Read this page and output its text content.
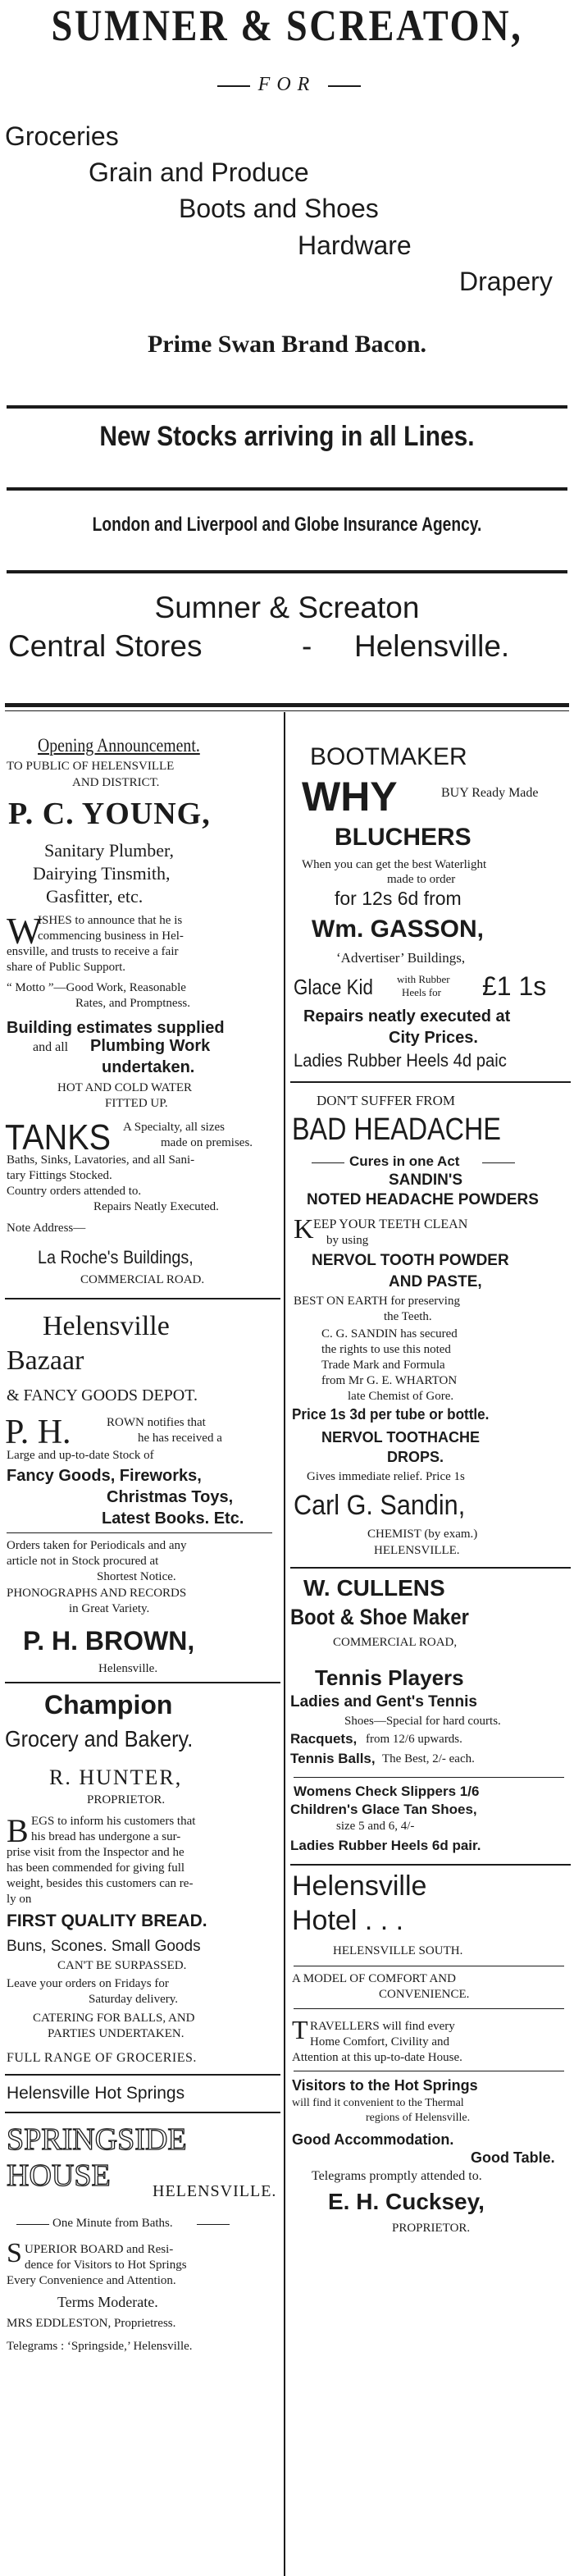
SUMNER & SCREATON,
FOR
Groceries
Grain and Produce
Boots and Shoes
Hardware
Drapery
Prime Swan Brand Bacon.
New Stocks arriving in all Lines.
London and Liverpool and Globe Insurance Agency.
Sumner & Screaton
Central Stores	- Helensville.
Opening Announcement.
TO PUBLIC OF HELENSVILLE
AND DISTRICT.
P. C. YOUNG,
Sanitary Plumber,
Dairying Tinsmith,
Gasfitter, etc.
W
ISHES to announce that he is
commencing business in Hel-
ensville, and trusts to receive a fair
share of Public Support.
“ Motto ”—Good Work, Reasonable
Rates, and Promptness.
Building estimates supplied
and all Plumbing Work
undertaken.
HOT AND COLD WATER
FITTED UP.
TANKS A Specialty, all sizes
made on premises.
Baths, Sinks, Lavatories, and all Sani-
tary Fittings Stocked.
Country orders attended to.
Repairs Neatly Executed.
Note Address—
La Roche's Buildings,
COMMERCIAL ROAD.
Helensville
Bazaar
& FANCY GOODS DEPOT.
P. H.	ROWN notifies that
he has received a
Large and up-to-date Stock of
Fancy Goods, Fireworks,
Christmas Toys,
Latest Books. Etc.
Orders taken for Periodicals and any
article not in Stock procured at
Shortest Notice.
PHONOGRAPHS AND RECORDS
in Great Variety.
P. H. BROWN,
Helensville.
Champion
Grocery and Bakery.
R. HUNTER,
PROPRIETOR.
B EGS to inform his customers that
his bread has undergone a sur-
prise visit from the Inspector and he
has been commended for giving full
weight, besides this customers can re-
ly on
FIRST QUALITY BREAD.
Buns, Scones. Small Goods
CAN'T BE SURPASSED.
Leave your orders on Fridays for
Saturday delivery.
CATERING FOR BALLS, AND
PARTIES UNDERTAKEN.
FULL RANGE OF GROCERIES.
Helensville Hot Springs
SPRINGSIDE
HOUSE	HELENSVILLE.
One Minute from Baths.
S UPERIOR BOARD and Resi-
dence for Visitors to Hot Springs
Every Convenience and Attention.
Terms Moderate.
MRS EDDLESTON, Proprietress.
Telegrams : ‘Springside,’ Helensville.
BOOTMAKER
WHY	BUY Ready Made
BLUCHERS
When you can get the best Waterlight
made to order
for 12s 6d from
Wm. GASSON,
‘Advertiser’ Buildings,
Glace Kid with Rubber
Heels for £1 1s
Repairs neatly executed at
City Prices.
Ladies Rubber Heels 4d paic
DON'T SUFFER FROM
BAD HEADACHE
Cures in one Act
SANDIN'S
NOTED HEADACHE POWDERS
K EEP YOUR TEETH CLEAN
by using
NERVOL TOOTH POWDER
AND PASTE,
BEST ON EARTH for preserving
the Teeth.
C. G. SANDIN has secured
the rights to use this noted
Trade Mark and Formula
from Mr G. E. WHARTON
late Chemist of Gore.
Price 1s 3d per tube or bottle.
NERVOL TOOTHACHE
DROPS.
Gives immediate relief. Price 1s
Carl G. Sandin,
CHEMIST (by exam.)
HELENSVILLE.
W. CULLENS
Boot & Shoe Maker
COMMERCIAL ROAD,
Tennis Players
Ladies and Gent's Tennis
Shoes—Special for hard courts.
Racquets, from 12/6 upwards.
Tennis Balls, The Best, 2/- each.
Womens Check Slippers 1/6
Children's Glace Tan Shoes,
size 5 and 6, 4/-
Ladies Rubber Heels 6d pair.
Helensville
Hotel . . .
HELENSVILLE SOUTH.
A MODEL OF COMFORT AND
CONVENIENCE.
T RAVELLERS will find every
Home Comfort, Civility and
Attention at this up-to-date House.
Visitors to the Hot Springs
will find it convenient to the Thermal
regions of Helensville.
Good Accommodation.
Good Table.
Telegrams promptly attended to.
E. H. Cucksey,
PROPRIETOR.
